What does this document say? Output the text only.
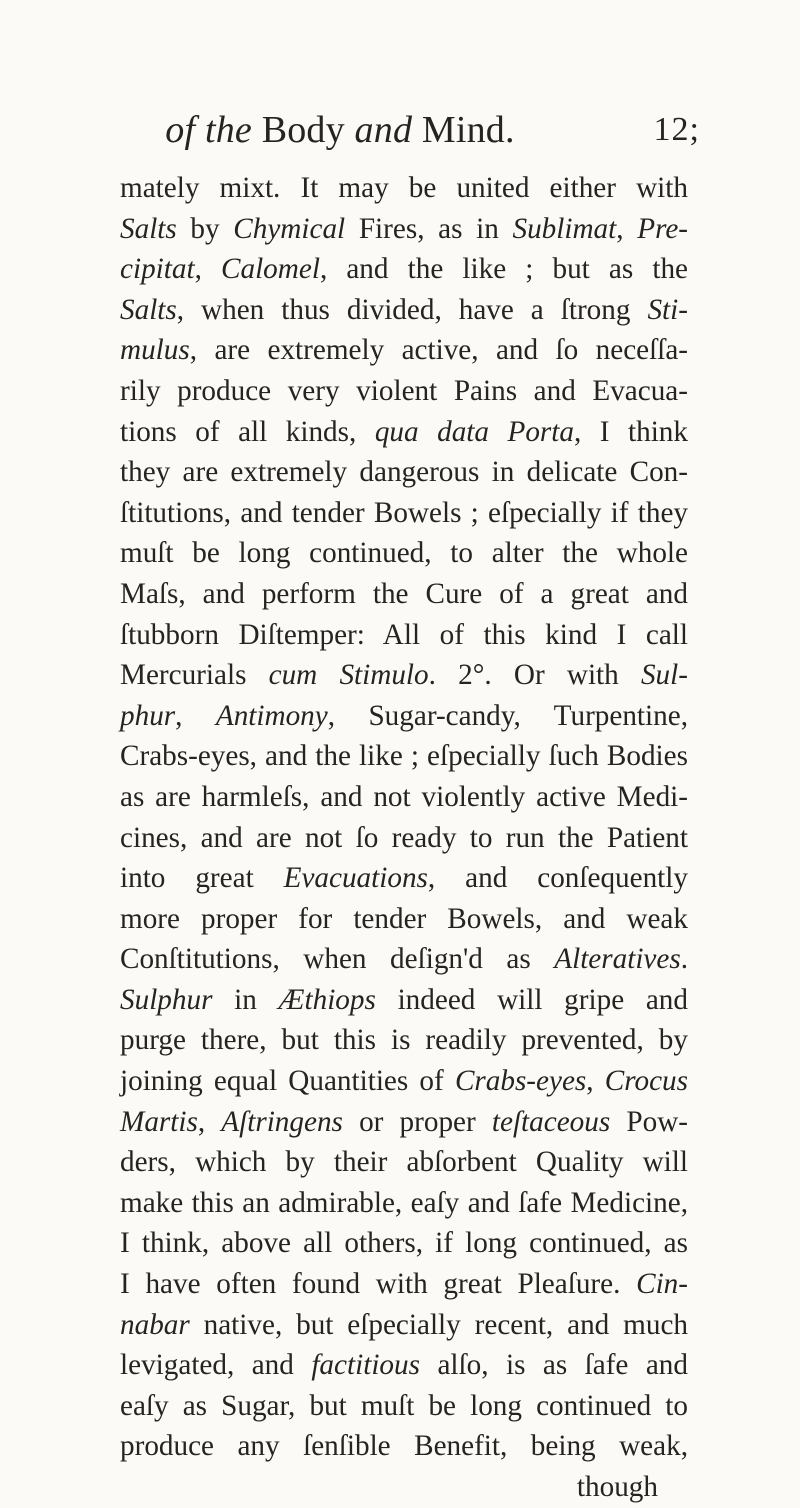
of the Body and Mind.	12;
mately mixt. It may be united either with
Salts by Chymical Fires, as in Sublimat, Pre-
cipitat, Calomel, and the like ; but as the
Salts, when thus divided, have a ſtrong Sti-
mulus, are extremely active, and ſo neceſſa-
rily produce very violent Pains and Evacua-
tions of all kinds, qua data Porta, I think
they are extremely dangerous in delicate Con-
ſtitutions, and tender Bowels ; eſpecially if they
muſt be long continued, to alter the whole
Maſs, and perform the Cure of a great and
ſtubborn Diſtemper: All of this kind I call
Mercurials cum Stimulo. 2°. Or with Sul-
phur, Antimony, Sugar-candy, Turpentine,
Crabs-eyes, and the like ; eſpecially ſuch Bodies
as are harmleſs, and not violently active Medi-
cines, and are not ſo ready to run the Patient
into great Evacuations, and conſequently
more proper for tender Bowels, and weak
Conſtitutions, when deſign'd as Alteratives.
Sulphur in Æthiops indeed will gripe and
purge there, but this is readily prevented, by
joining equal Quantities of Crabs-eyes, Crocus
Martis, Aſtringens or proper teſtaceous Pow-
ders, which by their abſorbent Quality will
make this an admirable, eaſy and ſafe Medicine,
I think, above all others, if long continued, as
I have often found with great Pleaſure. Cin-
nabar native, but eſpecially recent, and much
levigated, and factitious alſo, is as ſafe and
eaſy as Sugar, but muſt be long continued to
produce any ſenſible Benefit, being weak,
though
